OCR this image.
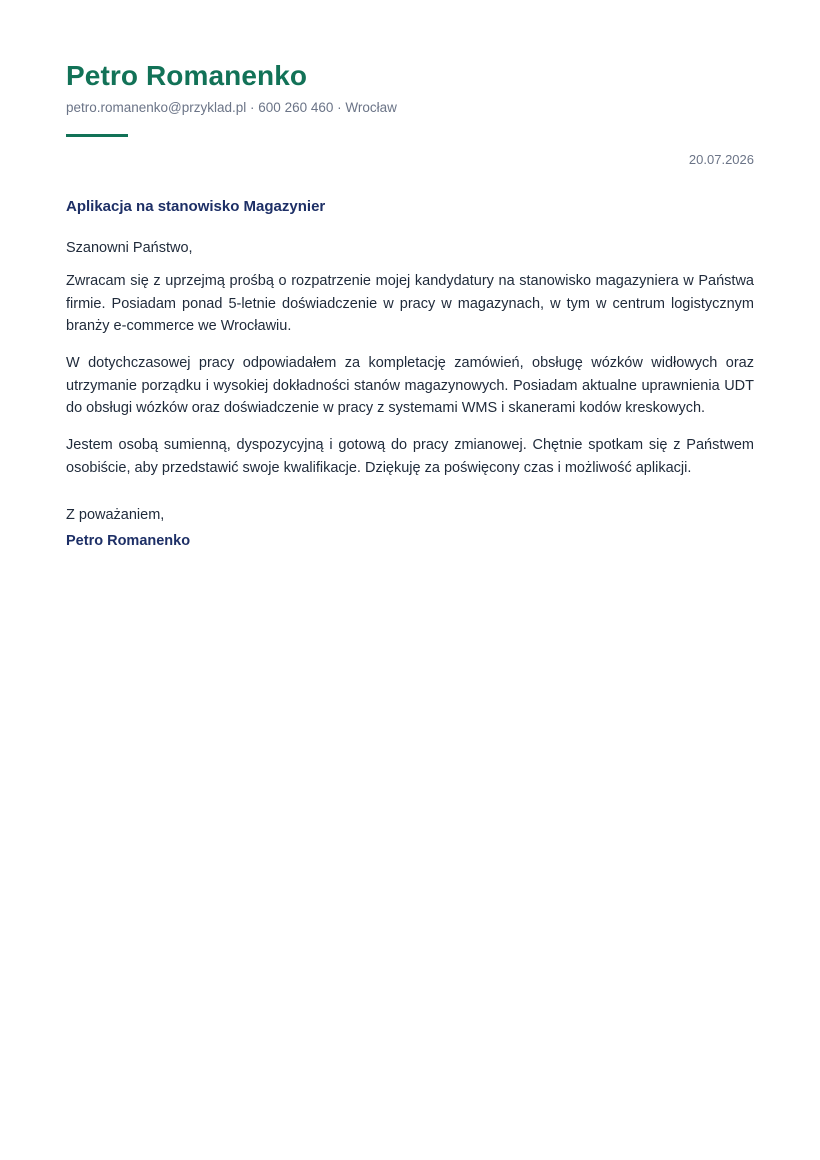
Petro Romanenko
petro.romanenko@przyklad.pl · 600 260 460 · Wrocław
20.07.2026
Aplikacja na stanowisko Magazynier
Szanowni Państwo,

Zwracam się z uprzejmą prośbą o rozpatrzenie mojej kandydatury na stanowisko magazyniera w Państwa firmie. Posiadam ponad 5-letnie doświadczenie w pracy w magazynach, w tym w centrum logistycznym branży e-commerce we Wrocławiu.

W dotychczasowej pracy odpowiadałem za kompletację zamówień, obsługę wózków widłowych oraz utrzymanie porządku i wysokiej dokładności stanów magazynowych. Posiadam aktualne uprawnienia UDT do obsługi wózków oraz doświadczenie w pracy z systemami WMS i skanerami kodów kreskowych.

Jestem osobą sumienną, dyspozycyjną i gotową do pracy zmianowej. Chętnie spotkam się z Państwem osobiście, aby przedstawić swoje kwalifikacje. Dziękuję za poświęcony czas i możliwość aplikacji.

Z poważaniem,
Petro Romanenko
